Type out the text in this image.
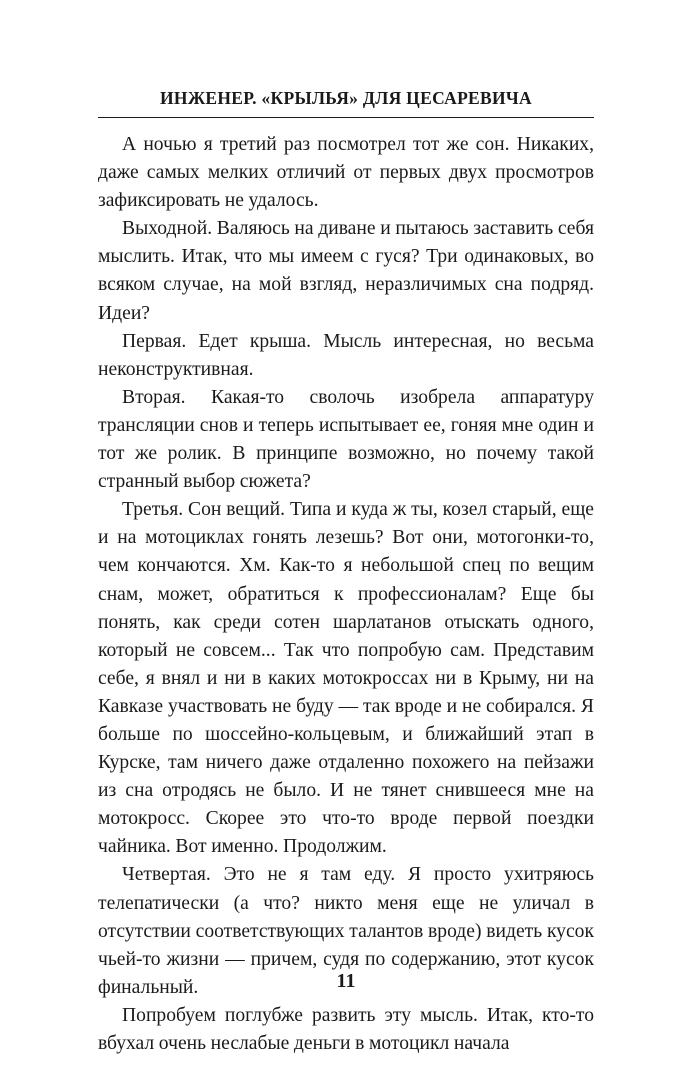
ИНЖЕНЕР. «КРЫЛЬЯ» ДЛЯ ЦЕСАРЕВИЧА

А ночью я третий раз посмотрел тот же сон. Никаких, даже самых мелких отличий от первых двух просмотров зафиксировать не удалось.

Выходной. Валяюсь на диване и пытаюсь заставить себя мыслить. Итак, что мы имеем с гуся? Три одинаковых, во всяком случае, на мой взгляд, неразличимых сна подряд. Идеи?

Первая. Едет крыша. Мысль интересная, но весьма неконструктивная.

Вторая. Какая-то сволочь изобрела аппаратуру трансляции снов и теперь испытывает ее, гоняя мне один и тот же ролик. В принципе возможно, но почему такой странный выбор сюжета?

Третья. Сон вещий. Типа и куда ж ты, козел старый, еще и на мотоциклах гонять лезешь? Вот они, мотогонки-то, чем кончаются. Хм. Как-то я небольшой спец по вещим снам, может, обратиться к профессионалам? Еще бы понять, как среди сотен шарлатанов отыскать одного, который не совсем... Так что попробую сам. Представим себе, я внял и ни в каких мотокроссах ни в Крыму, ни на Кавказе участвовать не буду — так вроде и не собирался. Я больше по шоссейно-кольцевым, и ближайший этап в Курске, там ничего даже отдаленно похожего на пейзажи из сна отродясь не было. И не тянет снившееся мне на мотокросс. Скорее это что-то вроде первой поездки чайника. Вот именно. Продолжим.

Четвертая. Это не я там еду. Я просто ухитряюсь телепатически (а что? никто меня еще не уличал в отсутствии соответствующих талантов вроде) видеть кусок чьей-то жизни — причем, судя по содержанию, этот кусок финальный.

Попробуем поглубже развить эту мысль. Итак, кто-то вбухал очень неслабые деньги в мотоцикл начала

11
